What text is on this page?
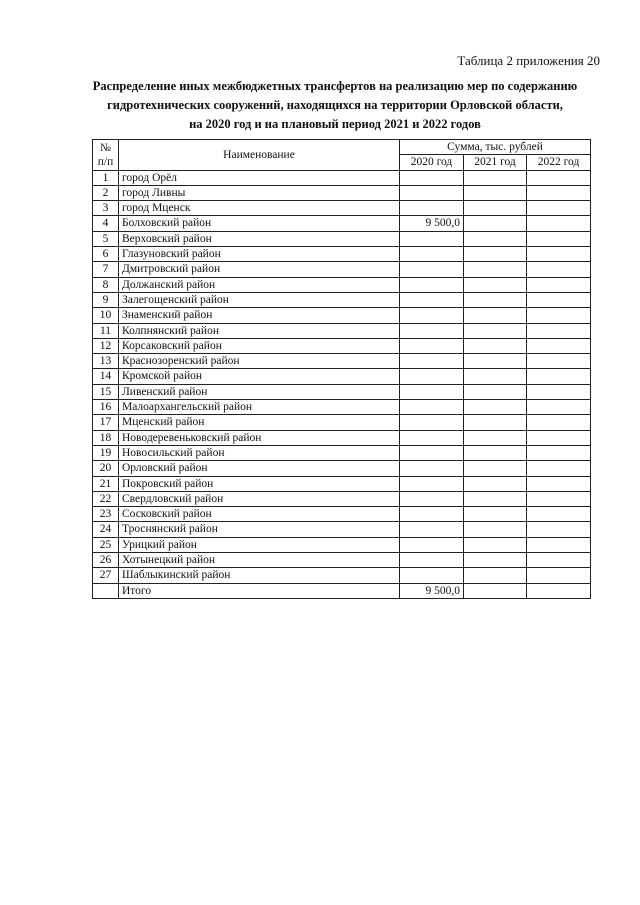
Таблица 2 приложения 20
Распределение иных межбюджетных трансфертов на реализацию мер по содержанию
гидротехнических сооружений, находящихся на территории Орловской области,
на 2020 год и на плановый период 2021 и 2022 годов
№
п/п	Наименование	Сумма, тыс. рублей		
		2020 год	2021 год	2022 год
1	город Орёл			
2	город Ливны			
3	город Мценск			
4	Болховский район	9 500,0		
5	Верховский район			
6	Глазуновский район			
7	Дмитровский район			
8	Должанский район			
9	Залегощенский район			
10	Знаменский район			
11	Колпнянский район			
12	Корсаковский район			
13	Краснозоренский район			
14	Кромской район			
15	Ливенский район			
16	Малоархангельский район			
17	Мценский район			
18	Новодеревеньковский район			
19	Новосильский район			
20	Орловский район			
21	Покровский район			
22	Свердловский район			
23	Сосковский район			
24	Троснянский район			
25	Урицкий район			
26	Хотынецкий район			
27	Шаблыкинский район			
	Итого	9 500,0		
